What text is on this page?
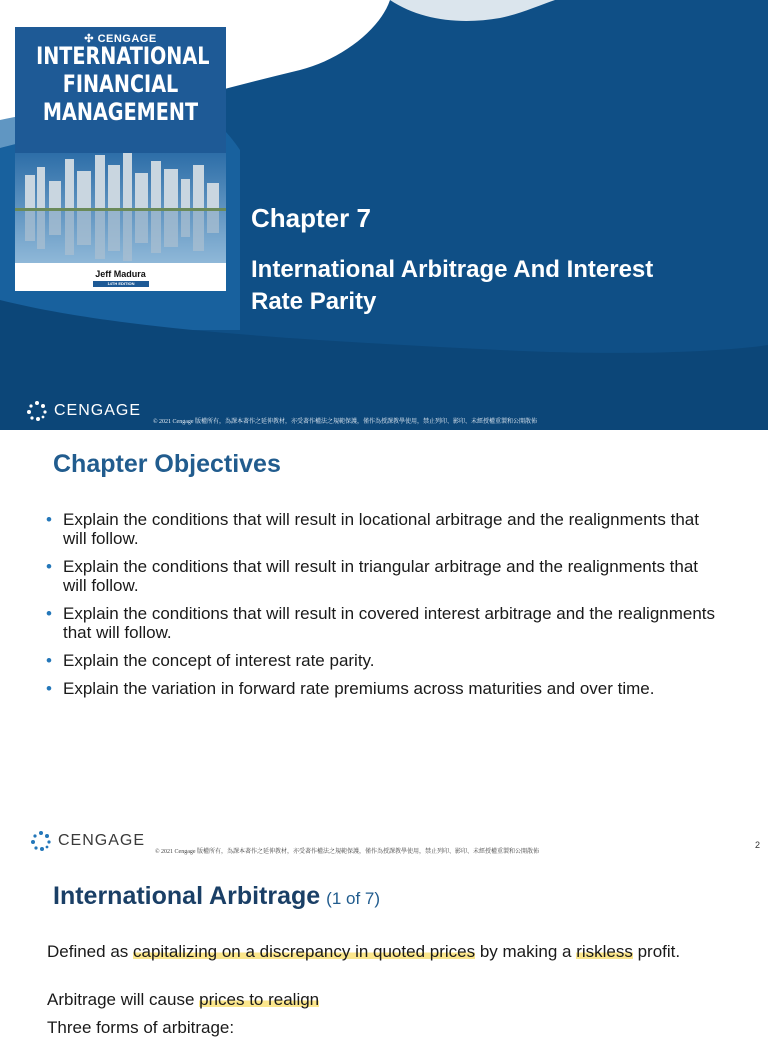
✣ CENGAGE
INTERNATIONAL
FINANCIAL
MANAGEMENT
Jeff Madura
14TH EDITION
Chapter 7
International Arbitrage And Interest Rate Parity
CENGAGE
© 2021 Cengage 版權所有，為課本著作之延伸教材，亦受著作權法之規範保護，僅作為授課教學使用，禁止列印、影印、未經授權重製和公開散佈
Chapter Objectives
• Explain the conditions that will result in locational arbitrage and the realignments that will follow.
• Explain the conditions that will result in triangular arbitrage and the realignments that will follow.
• Explain the conditions that will result in covered interest arbitrage and the realignments that will follow.
• Explain the concept of interest rate parity.
• Explain the variation in forward rate premiums across maturities and over time.
CENGAGE
© 2021 Cengage 版權所有，為課本著作之延伸教材，亦受著作權法之規範保護，僅作為授課教學使用，禁止列印、影印、未經授權重製和公開散佈
2
International Arbitrage (1 of 7)
Defined as capitalizing on a discrepancy in quoted prices by making a riskless profit.
Arbitrage will cause prices to realign
Three forms of arbitrage:
